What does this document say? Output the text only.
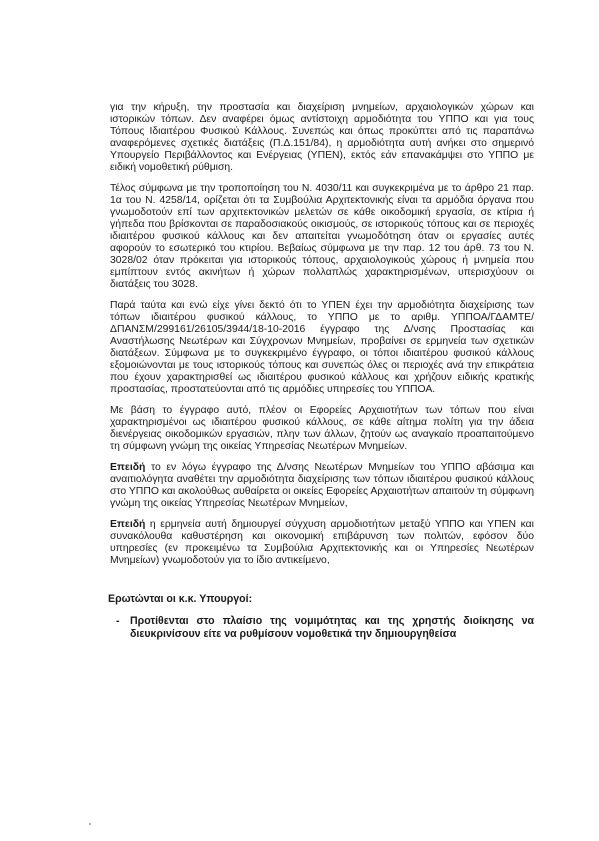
για την κήρυξη, την προστασία και διαχείριση μνημείων, αρχαιολογικών χώρων και ιστορικών τόπων. Δεν αναφέρει όμως αντίστοιχη αρμοδιότητα του ΥΠΠΟ και για τους Τόπους Ιδιαιτέρου Φυσικού Κάλλους. Συνεπώς και όπως προκύπτει από τις παραπάνω αναφερόμενες σχετικές διατάξεις (Π.Δ.151/84), η αρμοδιότητα αυτή ανήκει στο σημερινό Υπουργείο Περιβάλλοντος και Ενέργειας (ΥΠΕΝ), εκτός εάν επανακάμψει στο ΥΠΠΟ με ειδική νομοθετική ρύθμιση.

Τέλος σύμφωνα με την τροποποίηση του Ν. 4030/11 και συγκεκριμένα με το άρθρο 21 παρ. 1α του Ν. 4258/14, ορίζεται ότι τα Συμβούλια Αρχιτεκτονικής είναι τα αρμόδια όργανα που γνωμοδοτούν επί των αρχιτεκτονικών μελετών σε κάθε οικοδομική εργασία, σε κτίρια ή γήπεδα που βρίσκονται σε παραδοσιακούς οικισμούς, σε ιστορικούς τόπους και σε περιοχές ιδιαιτέρου φυσικού κάλλους και δεν απαιτείται γνωμοδότηση όταν οι εργασίες αυτές αφορούν το εσωτερικό του κτιρίου. Βεβαίως σύμφωνα με την παρ. 12 του άρθ. 73 του Ν. 3028/02 όταν πρόκειται για ιστορικούς τόπους, αρχαιολογικούς χώρους ή μνημεία που εμπίπτουν εντός ακινήτων ή χώρων πολλαπλώς χαρακτηρισμένων, υπερισχύουν οι διατάξεις του 3028.

Παρά ταύτα και ενώ είχε γίνει δεκτό ότι το ΥΠΕΝ έχει την αρμοδιότητα διαχείρισης των τόπων ιδιαιτέρου φυσικού κάλλους, το ΥΠΠΟ με το αριθμ. ΥΠΠΟΑ/ΓΔΑΜΤΕ/ΔΠΑΝΣΜ/299161/26105/3944/18-10-2016 έγγραφο της Δ/νσης Προστασίας και Αναστήλωσης Νεωτέρων και Σύγχρονων Μνημείων, προβαίνει σε ερμηνεία των σχετικών διατάξεων. Σύμφωνα με το συγκεκριμένο έγγραφο, οι τόποι ιδιαιτέρου φυσικού κάλλους εξομοιώνονται με τους ιστορικούς τόπους και συνεπώς όλες οι περιοχές ανά την επικράτεια που έχουν χαρακτηρισθεί ως ιδιαιτέρου φυσικού κάλλους και χρήζουν ειδικής κρατικής προστασίας, προστατεύονται από τις αρμόδιες υπηρεσίες του ΥΠΠΟΑ.

Με βάση το έγγραφο αυτό, πλέον οι Εφορείες Αρχαιοτήτων των τόπων που είναι χαρακτηρισμένοι ως ιδιαιτέρου φυσικού κάλλους, σε κάθε αίτημα πολίτη για την άδεια διενέργειας οικοδομικών εργασιών, πλην των άλλων, ζητούν ως αναγκαίο προαπαιτούμενο τη σύμφωνη γνώμη της οικείας Υπηρεσίας Νεωτέρων Μνημείων.

Επειδή το εν λόγω έγγραφο της Δ/νσης Νεωτέρων Μνημείων του ΥΠΠΟ αβάσιμα και αναιτιολόγητα αναθέτει την αρμοδιότητα διαχείρισης των τόπων ιδιαιτέρου φυσικού κάλλους στο ΥΠΠΟ και ακολούθως αυθαίρετα οι οικείες Εφορείες Αρχαιοτήτων απαιτούν τη σύμφωνη γνώμη της οικείας Υπηρεσίας Νεωτέρων Μνημείων,

Επειδή η ερμηνεία αυτή δημιουργεί σύγχυση αρμοδιοτήτων μεταξύ ΥΠΠΟ και ΥΠΕΝ και συνακόλουθα καθυστέρηση και οικονομική επιβάρυνση των πολιτών, εφόσον δύο υπηρεσίες (εν προκειμένω τα Συμβούλια Αρχιτεκτονικής και οι Υπηρεσίες Νεωτέρων Μνημείων) γνωμοδοτούν για το ίδιο αντικείμενο,

Ερωτώνται οι κ.κ. Υπουργοί:
- Προτίθενται στο πλαίσιο της νομιμότητας και της χρηστής διοίκησης να διευκρινίσουν είτε να ρυθμίσουν νομοθετικά την δημιουργηθείσα
